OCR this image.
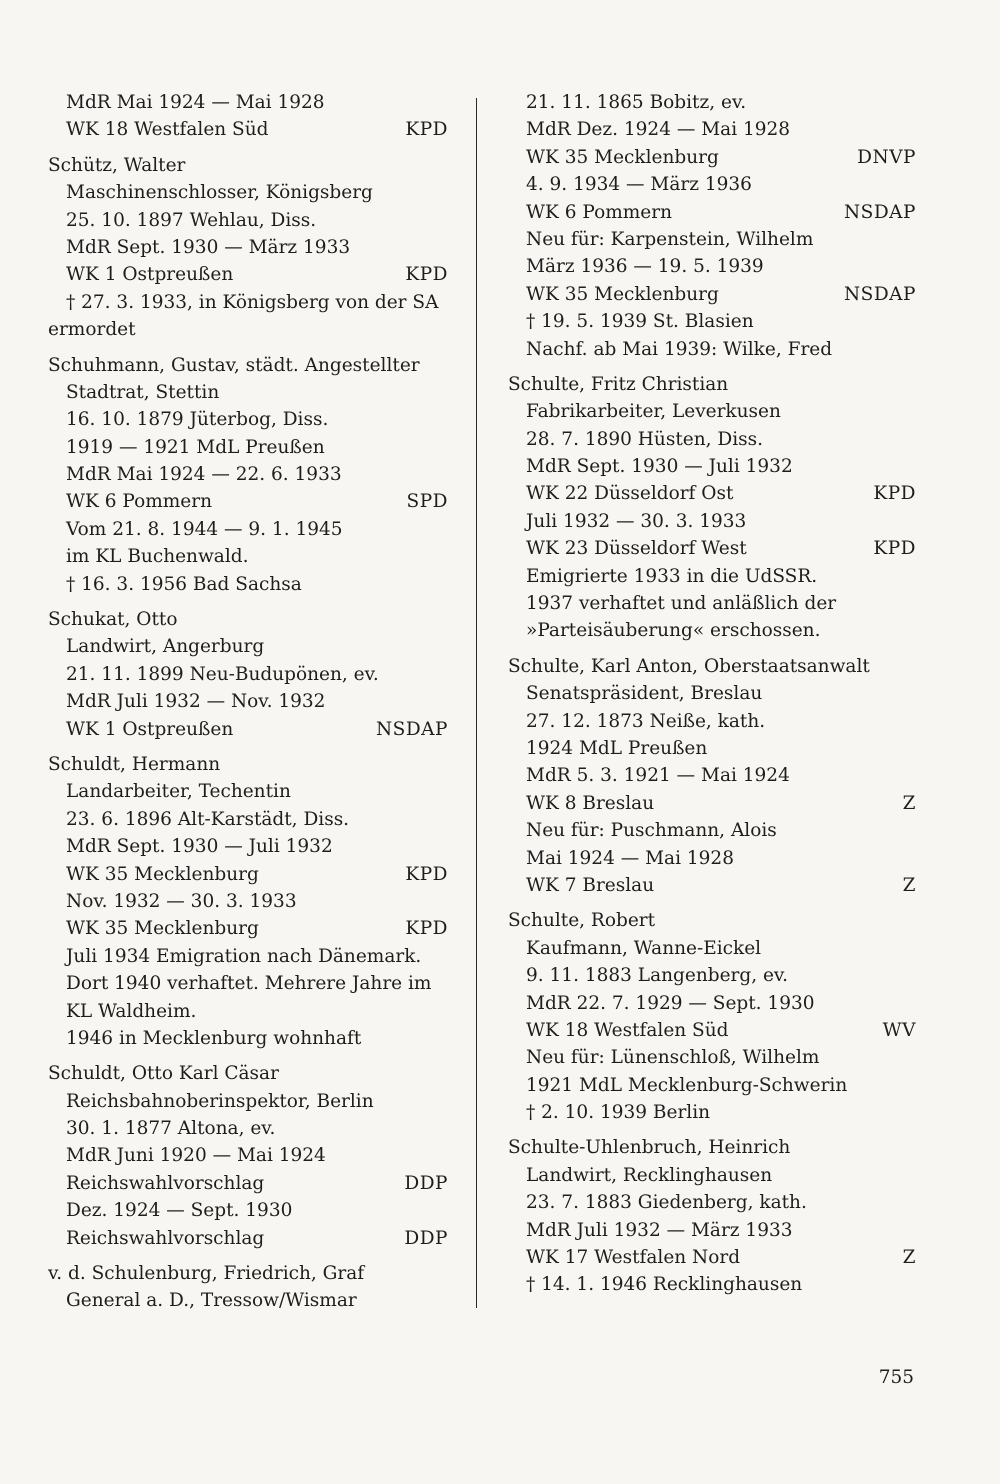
MdR Mai 1924 — Mai 1928
WK 18 Westfalen Süd	KPD
Schütz, Walter
Maschinenschlosser, Königsberg
25. 10. 1897 Wehlau, Diss.
MdR Sept. 1930 — März 1933
WK 1 Ostpreußen	KPD
† 27. 3. 1933, in Königsberg von der SA
ermordet
Schuhmann, Gustav, städt. Angestellter
Stadtrat, Stettin
16. 10. 1879 Jüterbog, Diss.
1919 — 1921 MdL Preußen
MdR Mai 1924 — 22. 6. 1933
WK 6 Pommern	SPD
Vom 21. 8. 1944 — 9. 1. 1945
im KL Buchenwald.
† 16. 3. 1956 Bad Sachsa
Schukat, Otto
Landwirt, Angerburg
21. 11. 1899 Neu-Budupönen, ev.
MdR Juli 1932 — Nov. 1932
WK 1 Ostpreußen	NSDAP
Schuldt, Hermann
Landarbeiter, Techentin
23. 6. 1896 Alt-Karstädt, Diss.
MdR Sept. 1930 — Juli 1932
WK 35 Mecklenburg	KPD
Nov. 1932 — 30. 3. 1933
WK 35 Mecklenburg	KPD
Juli 1934 Emigration nach Dänemark.
Dort 1940 verhaftet. Mehrere Jahre im
KL Waldheim.
1946 in Mecklenburg wohnhaft
Schuldt, Otto Karl Cäsar
Reichsbahnoberinspektor, Berlin
30. 1. 1877 Altona, ev.
MdR Juni 1920 — Mai 1924
Reichswahlvorschlag	DDP
Dez. 1924 — Sept. 1930
Reichswahlvorschlag	DDP
v. d. Schulenburg, Friedrich, Graf
General a. D., Tressow/Wismar
21. 11. 1865 Bobitz, ev.
MdR Dez. 1924 — Mai 1928
WK 35 Mecklenburg	DNVP
4. 9. 1934 — März 1936
WK 6 Pommern	NSDAP
Neu für: Karpenstein, Wilhelm
März 1936 — 19. 5. 1939
WK 35 Mecklenburg	NSDAP
† 19. 5. 1939 St. Blasien
Nachf. ab Mai 1939: Wilke, Fred
Schulte, Fritz Christian
Fabrikarbeiter, Leverkusen
28. 7. 1890 Hüsten, Diss.
MdR Sept. 1930 — Juli 1932
WK 22 Düsseldorf Ost	KPD
Juli 1932 — 30. 3. 1933
WK 23 Düsseldorf West	KPD
Emigrierte 1933 in die UdSSR.
1937 verhaftet und anläßlich der
»Parteisäuberung« erschossen.
Schulte, Karl Anton, Oberstaatsanwalt
Senatspräsident, Breslau
27. 12. 1873 Neiße, kath.
1924 MdL Preußen
MdR 5. 3. 1921 — Mai 1924
WK 8 Breslau	Z
Neu für: Puschmann, Alois
Mai 1924 — Mai 1928
WK 7 Breslau	Z
Schulte, Robert
Kaufmann, Wanne-Eickel
9. 11. 1883 Langenberg, ev.
MdR 22. 7. 1929 — Sept. 1930
WK 18 Westfalen Süd	WV
Neu für: Lünenschloß, Wilhelm
1921 MdL Mecklenburg-Schwerin
† 2. 10. 1939 Berlin
Schulte-Uhlenbruch, Heinrich
Landwirt, Recklinghausen
23. 7. 1883 Giedenberg, kath.
MdR Juli 1932 — März 1933
WK 17 Westfalen Nord	Z
† 14. 1. 1946 Recklinghausen
755
